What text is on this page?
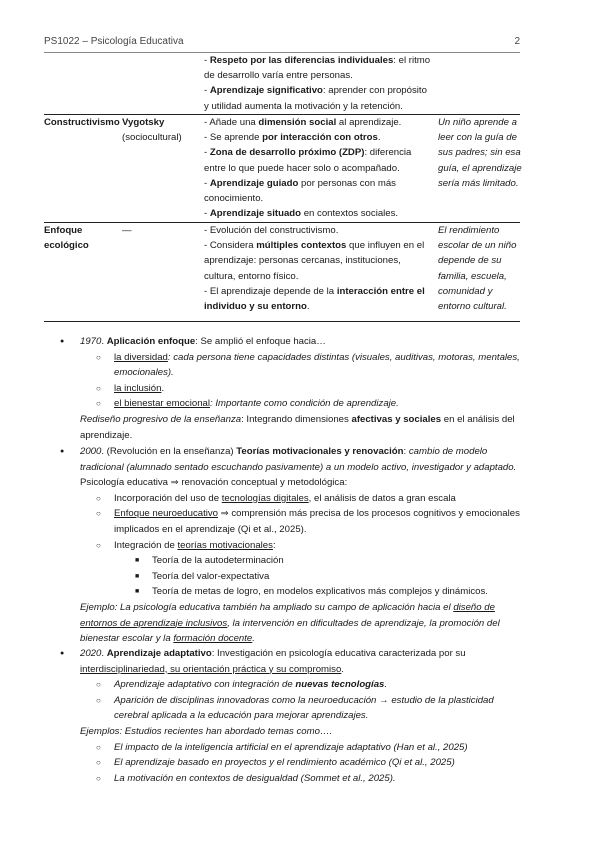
PS1022 – Psicología Educativa	2

- Respeto por las diferencias individuales: el ritmo de desarrollo varía entre personas.

- Aprendizaje significativo: aprender con propósito y utilidad aumenta la motivación y la retención.

Constructivismo Vygotsky
(sociocultural)

- Añade una dimensión social al aprendizaje.

- Se aprende por interacción con otros.

- Zona de desarrollo próximo (ZDP): diferencia entre lo que puede hacer solo o acompañado.

- Aprendizaje guiado por personas con más conocimiento.

- Aprendizaje situado en contextos sociales.

Un niño aprende a leer con la guía de sus padres; sin esa guía, el aprendizaje sería más limitado.
Enfoque ecológico
—	- Evolución del constructivismo.

- Considera múltiples contextos que influyen en el aprendizaje: personas cercanas, instituciones, cultura, entorno físico.

- El aprendizaje depende de la interacción entre el individuo y su entorno.

El rendimiento escolar de un niño depende de su familia, escuela, comunidad y entorno cultural.

● 1970. Aplicación enfoque: Se amplió el enfoque hacia…

○ la diversidad: cada persona tiene capacidades distintas (visuales, auditivas, motoras, mentales, emocionales).

○ la inclusión.

○ el bienestar emocional: Importante como condición de aprendizaje.

Rediseño progresivo de la enseñanza: Integrando dimensiones afectivas y sociales en el análisis del aprendizaje.

● 2000. (Revolución en la enseñanza) Teorías motivacionales y renovación: cambio de modelo tradicional (alumnado sentado escuchando pasivamente) a un modelo activo, investigador y adaptado.

Psicología educativa ⇒ renovación conceptual y metodológica:

○ Incorporación del uso de tecnologías digitales, el análisis de datos a gran escala

○ Enfoque neuroeducativo ⇒ comprensión más precisa de los procesos cognitivos y emocionales implicados en el aprendizaje (Qi et al., 2025).

○ Integración de teorías motivacionales:

■ Teoría de la autodeterminación

■ Teoría del valor-expectativa

■ Teoría de metas de logro, en modelos explicativos más complejos y dinámicos.

Ejemplo: La psicología educativa también ha ampliado su campo de aplicación hacia el diseño de entornos de aprendizaje inclusivos, la intervención en dificultades de aprendizaje, la promoción del bienestar escolar y la formación docente.

● 2020. Aprendizaje adaptativo: Investigación en psicología educativa caracterizada por su interdisciplinariedad, su orientación práctica y su compromiso.

○ Aprendizaje adaptativo con integración de nuevas tecnologías.

○ Aparición de disciplinas innovadoras como la neuroeducación → estudio de la plasticidad cerebral aplicada a la educación para mejorar aprendizajes.

Ejemplos: Estudios recientes han abordado temas como….

○ El impacto de la inteligencia artificial en el aprendizaje adaptativo (Han et al., 2025)

○ El aprendizaje basado en proyectos y el rendimiento académico (Qi et al., 2025)

○ La motivación en contextos de desigualdad (Sommet et al., 2025).
